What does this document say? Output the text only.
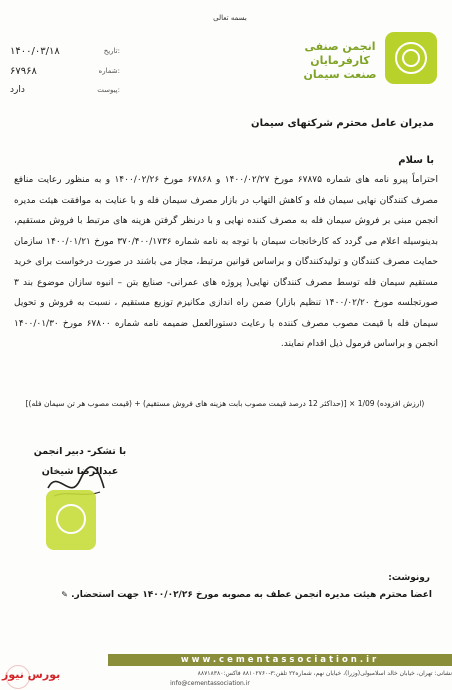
بسمه تعالی
۱۴۰۰/۰۳/۱۸	تاریخ:
۶۷۹۶۸	شماره:
دارد	پیوست:
انجمن صنفی
کارفرمایان
صنعت سیمان
مدیران عامل محترم شرکتهای سیمان
با سلام
احتراماً پیرو نامه های شماره ۶۷۸۷۵ مورخ ۱۴۰۰/۰۲/۲۷ و ۶۷۸۶۸ مورخ ۱۴۰۰/۰۲/۲۶ و به منظور رعایت منافع مصرف کنندگان نهایی سیمان فله و کاهش التهاب در بازار مصرف سیمان فله و با عنایت به موافقت هیئت مدیره انجمن مبنی بر فروش سیمان فله به مصرف کننده نهایی و با درنظر گرفتن هزینه های مرتبط با فروش مستقیم، بدینوسیله اعلام می گردد که کارخانجات سیمان با توجه به نامه شماره ۳۷۰/۴۰۰/۱۷۳۶ مورخ ۱۴۰۰/۰۱/۲۱ سازمان حمایت مصرف کنندگان و تولیدکنندگان و براساس قوانین مرتبط، مجاز می باشند در صورت درخواست برای خرید مستقیم سیمان فله توسط مصرف کنندگان نهایی( پروژه های عمرانی- صنایع بتن – انبوه سازان موضوع بند ۳ صورتجلسه مورخ ۱۴۰۰/۰۲/۲۰ تنظیم بازار) ضمن راه اندازی مکانیزم توزیع مستقیم ، نسبت به فروش و تحویل سیمان فله با قیمت مصوب مصرف کننده با رعایت دستورالعمل ضمیمه نامه شماره ۶۷۸۰۰ مورخ ۱۴۰۰/۰۱/۳۰ انجمن و براساس فرمول ذیل اقدام نمایند.
(ارزش افزوده) 1/09 × [(حداکثر 12 درصد قیمت مصوب بابت هزینه های فروش مستقیم) + (قیمت مصوب هر تن سیمان فله)]
با تشکر- دبیر انجمن
عبدالرضا شیخان
رونوشت:
اعضا محترم هیئت مدیره انجمن عطف به مصوبه مورخ ۱۴۰۰/۰۲/۲۶ جهت استحضار. ✎
www.cementassociation.ir
نشانی: تهران، خیابان خالد اسلامبولی(وزرا)، خیابان نهم، شماره۲۲ تلفن:۳-۸۸۱۰۲۷۶۰ فاکس:۸۸۷۱۸۳۸۰
info@cementassociation.ir
بورس نیوز
